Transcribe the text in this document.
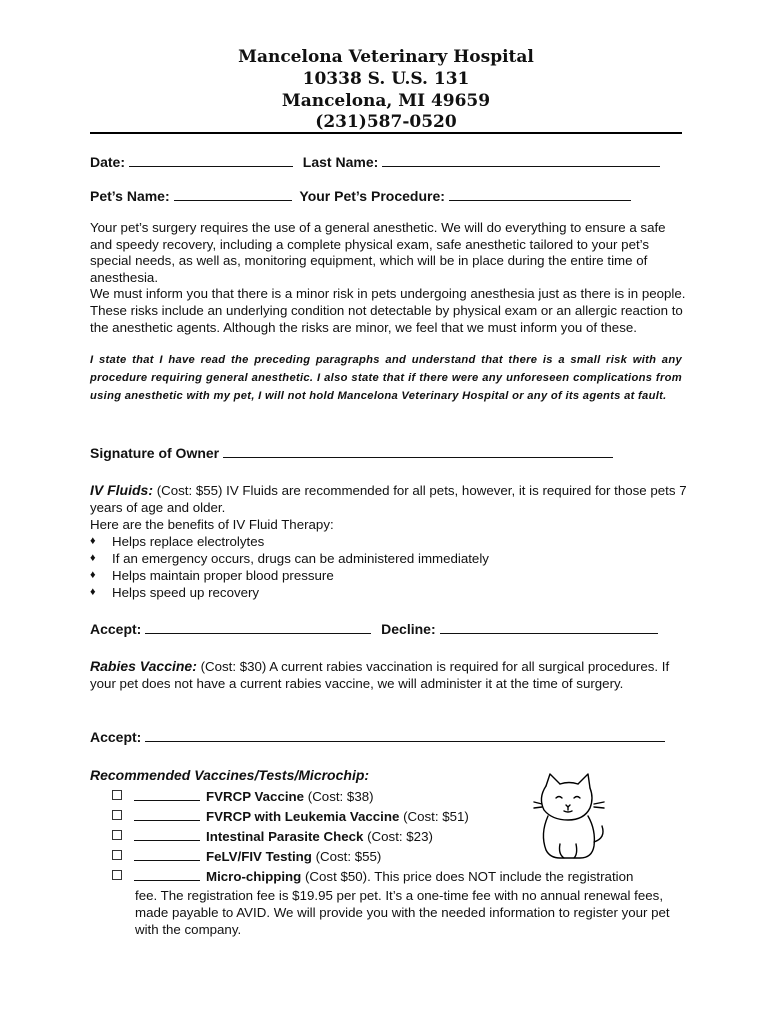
Mancelona Veterinary Hospital
10338 S. U.S. 131
Mancelona, MI 49659
(231)587-0520
Date:	Last Name:
Pet’s Name:	Your Pet’s Procedure:

Your pet’s surgery requires the use of a general anesthetic. We will do everything to ensure a safe and speedy recovery, including a complete physical exam, safe anesthetic tailored to your pet’s special needs, as well as, monitoring equipment, which will be in place during the entire time of anesthesia.

We must inform you that there is a minor risk in pets undergoing anesthesia just as there is in people. These risks include an underlying condition not detectable by physical exam or an allergic reaction to the anesthetic agents. Although the risks are minor, we feel that we must inform you of these.

I state that I have read the preceding paragraphs and understand that there is a small risk with any procedure requiring general anesthetic. I also state that if there were any unforeseen complications from using anesthetic with my pet, I will not hold Mancelona Veterinary Hospital or any of its agents at fault.
Signature of Owner
IV Fluids: (Cost: $55) IV Fluids are recommended for all pets, however, it is required for those pets 7 years of age and older.
Here are the benefits of IV Fluid Therapy:
♦ Helps replace electrolytes
♦ If an emergency occurs, drugs can be administered immediately
♦ Helps maintain proper blood pressure
♦ Helps speed up recovery
Accept:	Decline:
Rabies Vaccine: (Cost: $30) A current rabies vaccination is required for all surgical procedures. If your pet does not have a current rabies vaccine, we will administer it at the time of surgery.
Accept:
Recommended Vaccines/Tests/Microchip:
FVRCP Vaccine (Cost: $38)
FVRCP with Leukemia Vaccine (Cost: $51)
Intestinal Parasite Check (Cost: $23)
FeLV/FIV Testing (Cost: $55)
Micro-chipping (Cost $50). This price does NOT include the registration
fee. The registration fee is $19.95 per pet. It’s a one-time fee with no annual renewal fees, made payable to AVID. We will provide you with the needed information to register your pet with the company.
